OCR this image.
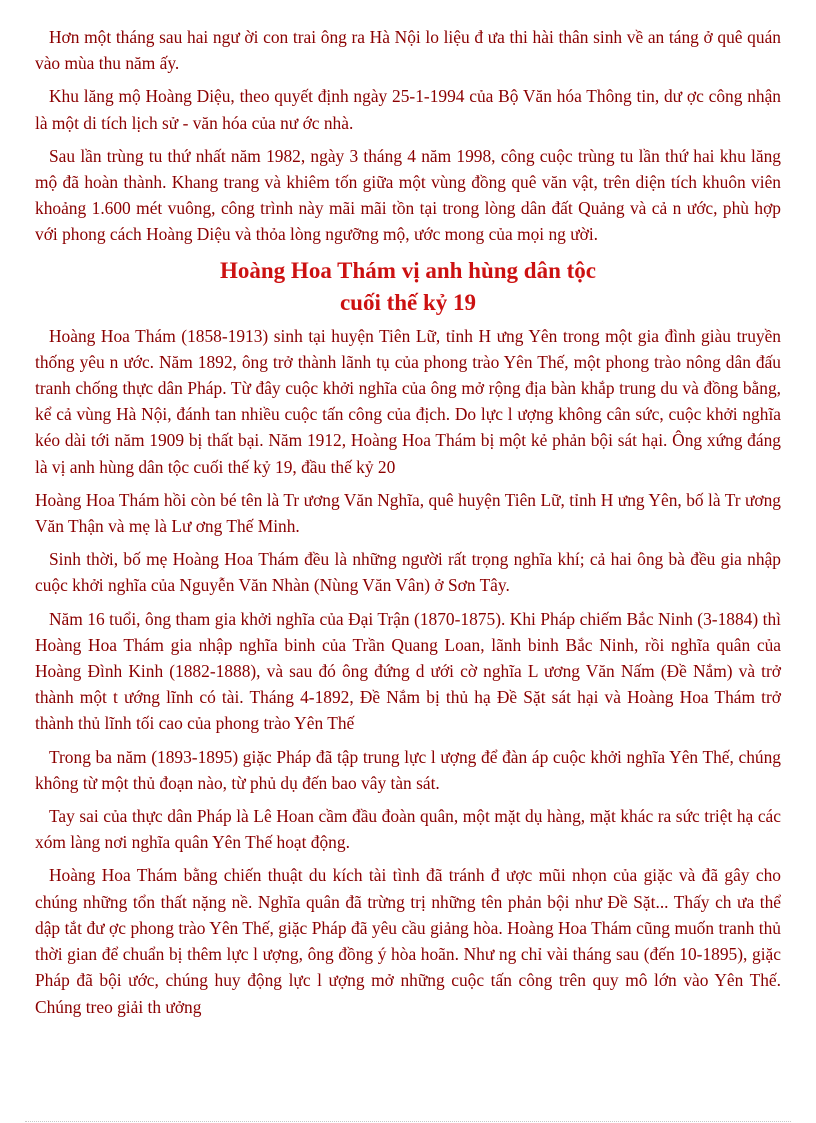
Hơn một tháng sau hai ngư ời con trai ông ra Hà Nội lo liệu đ ưa thi hài thân sinh về an táng ở quê quán vào mùa thu năm ấy.

Khu lăng mộ Hoàng Diệu, theo quyết định ngày 25-1-1994 của Bộ Văn hóa Thông tin, dư ợc công nhận là một di tích lịch sử - văn hóa của nư ớc nhà.

Sau lần trùng tu thứ nhất năm 1982, ngày 3 tháng 4 năm 1998, công cuộc trùng tu lần thứ hai khu lăng mộ đã hoàn thành. Khang trang và khiêm tốn giữa một vùng đồng quê văn vật, trên diện tích khuôn viên khoảng 1.600 mét vuông, công trình này mãi mãi tồn tại trong lòng dân đất Quảng và cả n ước, phù hợp với phong cách Hoàng Diệu và thỏa lòng ngưỡng mộ, ước mong của mọi ng ười.

Hoàng Hoa Thám vị anh hùng dân tộc
cuối thế kỷ 19

Hoàng Hoa Thám (1858-1913) sinh tại huyện Tiên Lữ, tỉnh H ưng Yên trong một gia đình giàu truyền thống yêu n ước. Năm 1892, ông trở thành lãnh tụ của phong trào Yên Thế, một phong trào nông dân đấu tranh chống thực dân Pháp. Từ đây cuộc khởi nghĩa của ông mở rộng địa bàn khắp trung du và đồng bằng, kể cả vùng Hà Nội, đánh tan nhiều cuộc tấn công của địch. Do lực l ượng không cân sức, cuộc khởi nghĩa kéo dài tới năm 1909 bị thất bại. Năm 1912, Hoàng Hoa Thám bị một kẻ phản bội sát hại. Ông xứng đáng là vị anh hùng dân tộc cuối thế kỷ 19, đầu thế kỷ 20

Hoàng Hoa Thám hồi còn bé tên là Tr ương Văn Nghĩa, quê huyện Tiên Lữ, tỉnh H ưng Yên, bố là Tr ương Văn Thận và mẹ là Lư ơng Thế Minh.

Sinh thời, bố mẹ Hoàng Hoa Thám đều là những người rất trọng nghĩa khí; cả hai ông bà đều gia nhập cuộc khởi nghĩa của Nguyễn Văn Nhàn (Nùng Văn Vân) ở Sơn Tây.

Năm 16 tuổi, ông tham gia khởi nghĩa của Đại Trận (1870-1875). Khi Pháp chiếm Bắc Ninh (3-1884) thì Hoàng Hoa Thám gia nhập nghĩa binh của Trần Quang Loan, lãnh binh Bắc Ninh, rồi nghĩa quân của Hoàng Đình Kinh (1882-1888), và sau đó ông đứng d ưới cờ nghĩa L ương Văn Nấm (Đề Nắm) và trở thành một t ướng lĩnh có tài. Tháng 4-1892, Đề Nắm bị thủ hạ Đề Sặt sát hại và Hoàng Hoa Thám trở thành thủ lĩnh tối cao của phong trào Yên Thế

Trong ba năm (1893-1895) giặc Pháp đã tập trung lực l ượng để đàn áp cuộc khởi nghĩa Yên Thế, chúng không từ một thủ đoạn nào, từ phủ dụ đến bao vây tàn sát.

Tay sai của thực dân Pháp là Lê Hoan cầm đầu đoàn quân, một mặt dụ hàng, mặt khác ra sức triệt hạ các xóm làng nơi nghĩa quân Yên Thế hoạt động.

Hoàng Hoa Thám bằng chiến thuật du kích tài tình đã tránh đ ược mũi nhọn của giặc và đã gây cho chúng những tổn thất nặng nề. Nghĩa quân đã trừng trị những tên phản bội như Đề Sặt... Thấy ch ưa thể dập tắt đư ợc phong trào Yên Thế, giặc Pháp đã yêu cầu giảng hòa. Hoàng Hoa Thám cũng muốn tranh thủ thời gian để chuẩn bị thêm lực l ượng, ông đồng ý hòa hoãn. Như ng chỉ vài tháng sau (đến 10-1895), giặc Pháp đã bội ước, chúng huy động lực l ượng mở những cuộc tấn công trên quy mô lớn vào Yên Thế. Chúng treo giải th ưởng
